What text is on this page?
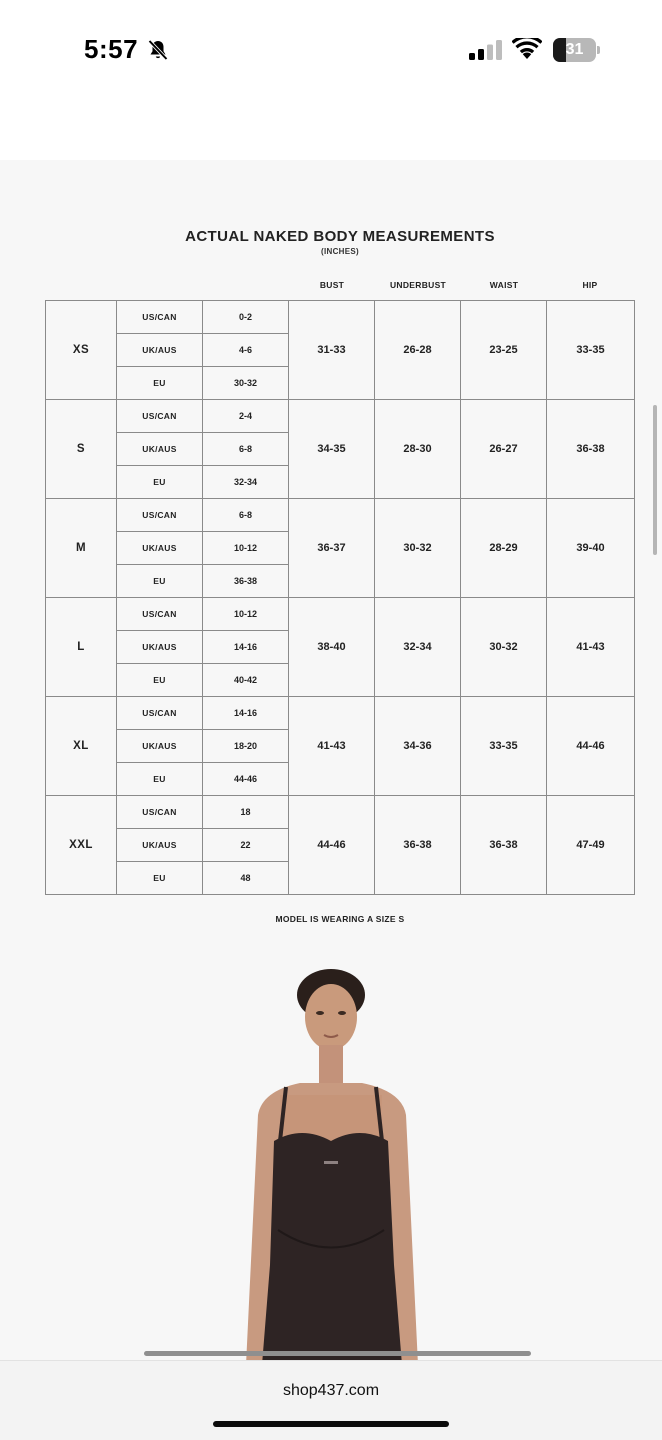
5:57	31
ACTUAL NAKED BODY MEASUREMENTS
(INCHES)
BUST	UNDERBUST	WAIST	HIP
XS	US/CAN	0-2	31-33	26-28	23-25	33-35
	UK/AUS	4-6				
	EU	30-32				
S	US/CAN	2-4	34-35	28-30	26-27	36-38
	UK/AUS	6-8				
	EU	32-34				
M	US/CAN	6-8	36-37	30-32	28-29	39-40
	UK/AUS	10-12				
	EU	36-38				
L	US/CAN	10-12	38-40	32-34	30-32	41-43
	UK/AUS	14-16				
	EU	40-42				
XL	US/CAN	14-16	41-43	34-36	33-35	44-46
	UK/AUS	18-20				
	EU	44-46				
XXL	US/CAN	18	44-46	36-38	36-38	47-49
	UK/AUS	22				
	EU	48				
MODEL IS WEARING A SIZE S
shop437.com
